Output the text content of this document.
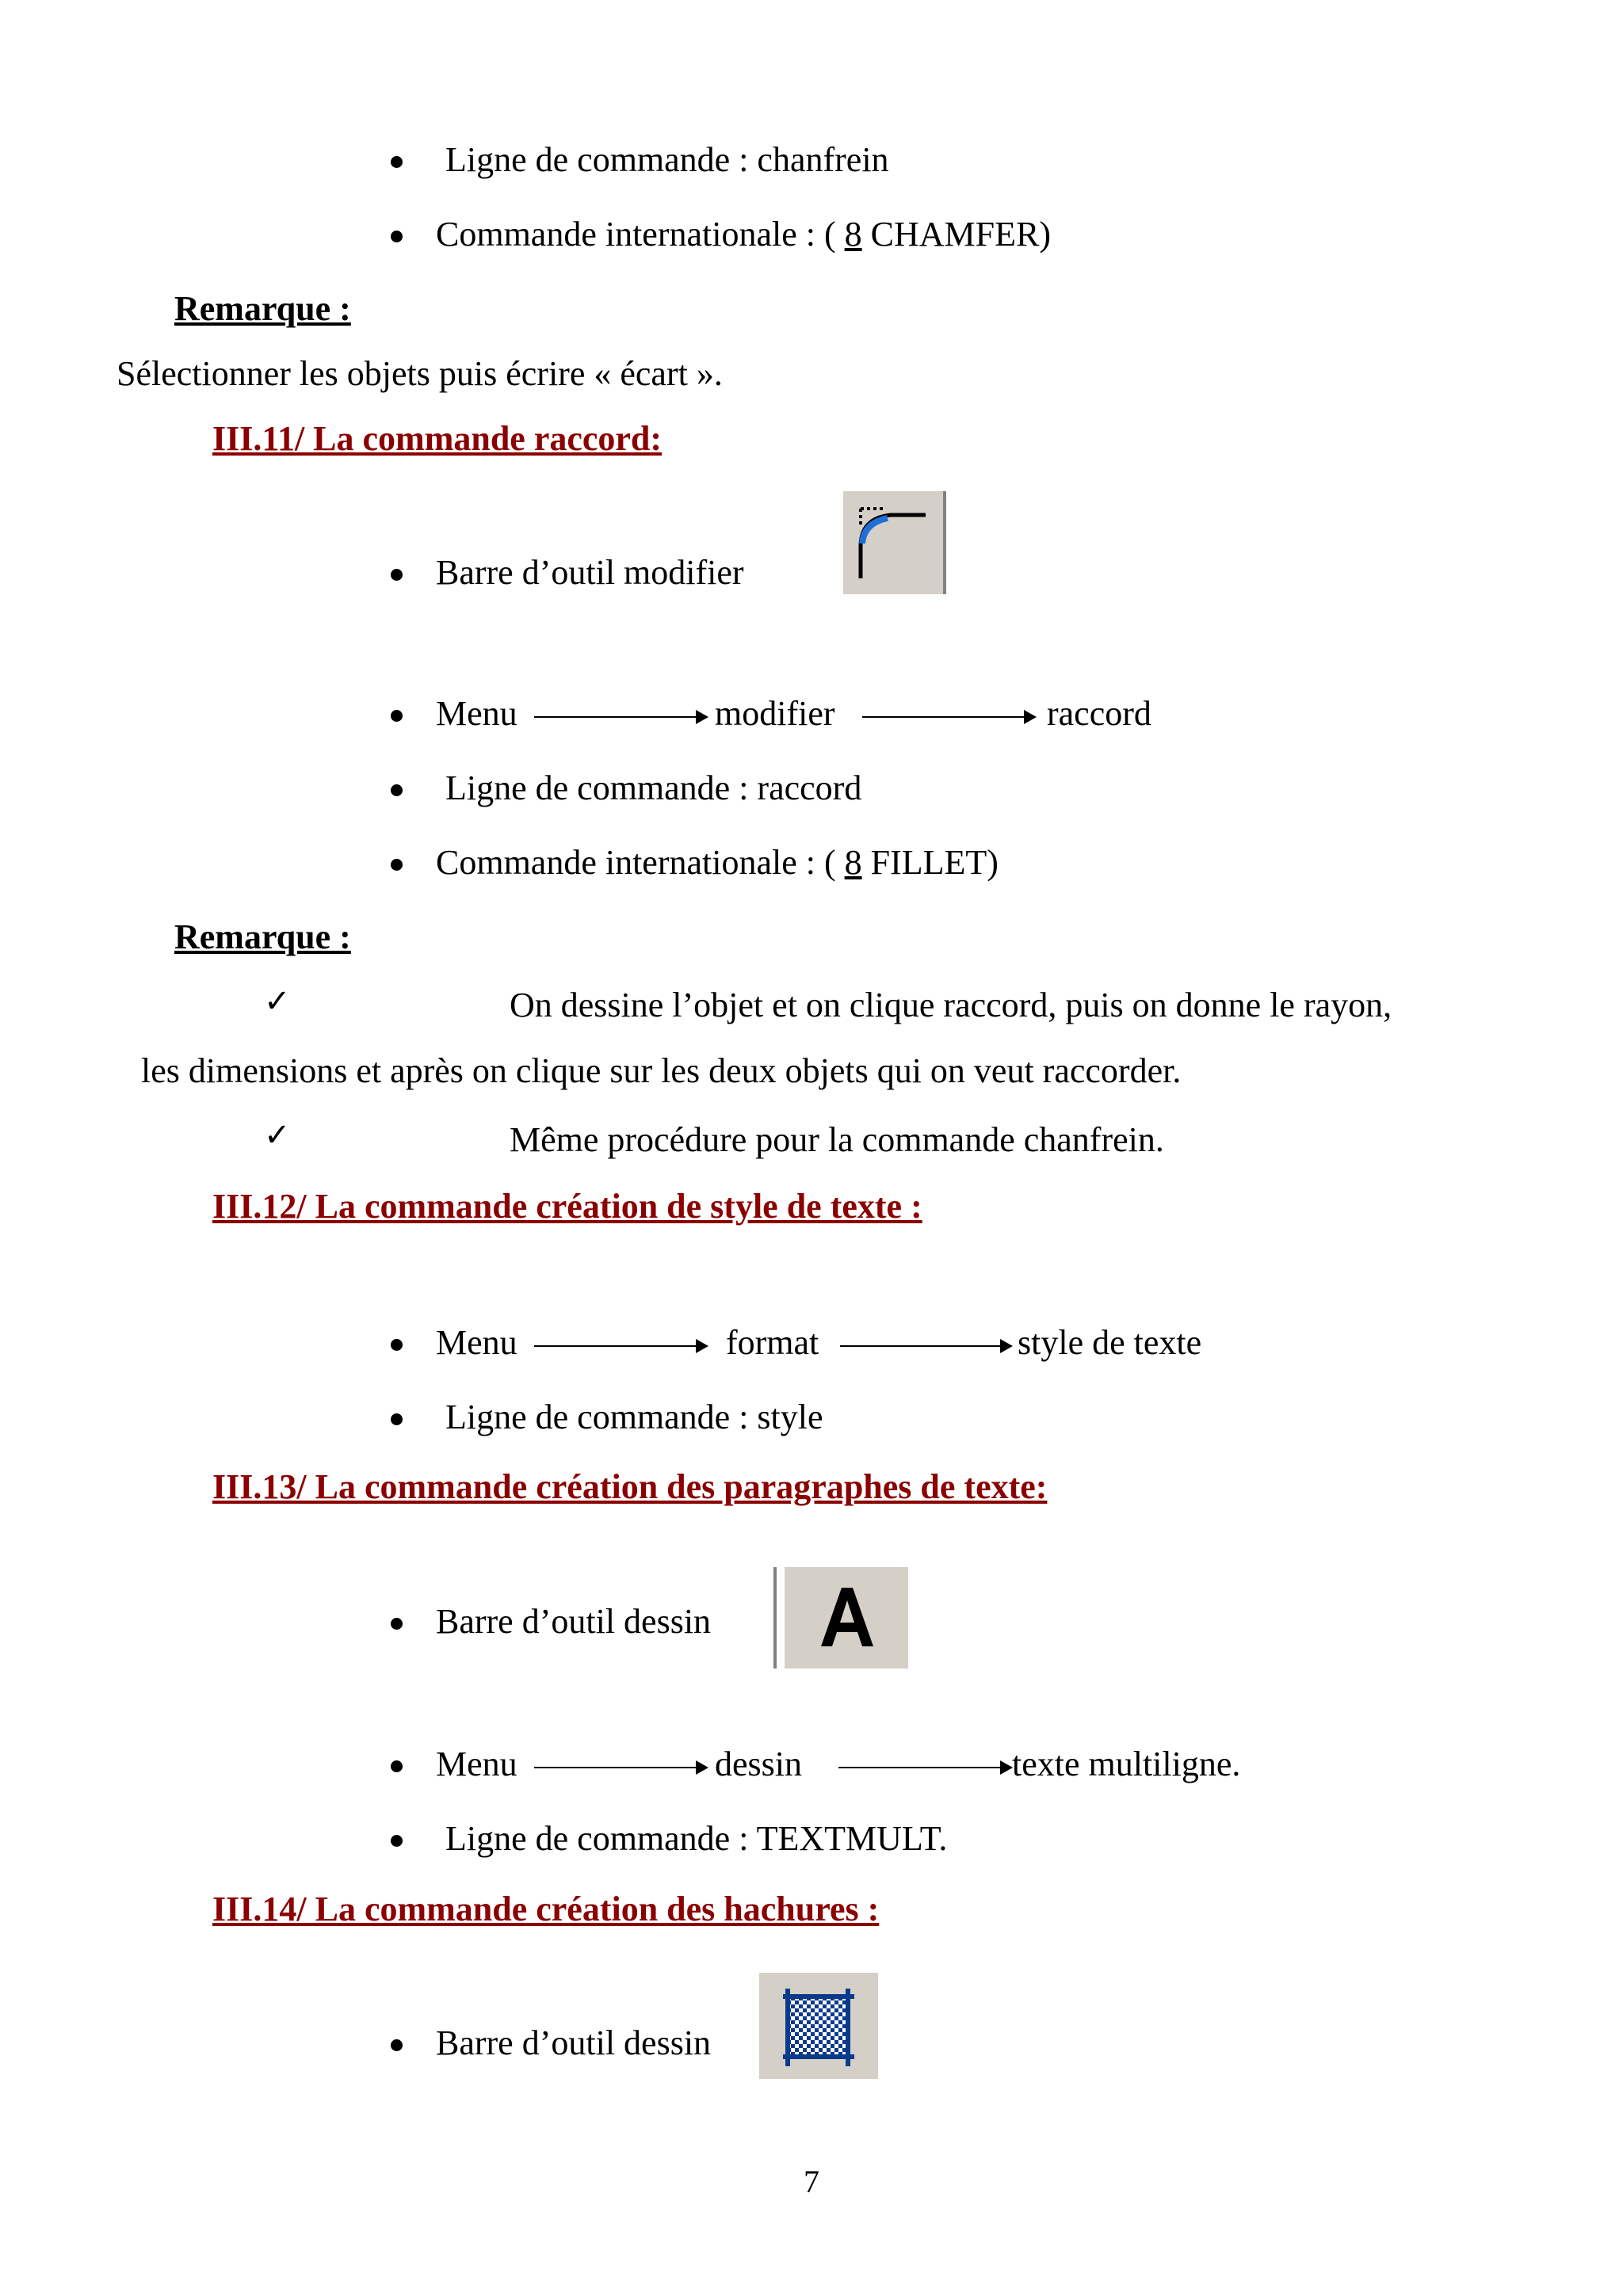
Ligne de commande : chanfrein
Commande internationale : ( 8 CHAMFER)
Remarque :
Sélectionner les objets puis écrire « écart ».
III.11/ La commande raccord:
Barre d’outil modifier
Menu	modifier	raccord
Ligne de commande : raccord
Commande internationale : ( 8 FILLET)
Remarque :
✓	On dessine l’objet et on clique raccord, puis on donne le rayon,
les dimensions et après on clique sur les deux objets qui on veut raccorder.
✓	Même procédure pour la commande chanfrein.
III.12/ La commande création de style de texte :
Menu	format	style de texte
Ligne de commande : style
III.13/ La commande création des paragraphes de texte:
Barre d’outil dessin
Menu	dessin	texte multiligne.
Ligne de commande : TEXTMULT.
III.14/ La commande création des hachures :
Barre d’outil dessin
7
